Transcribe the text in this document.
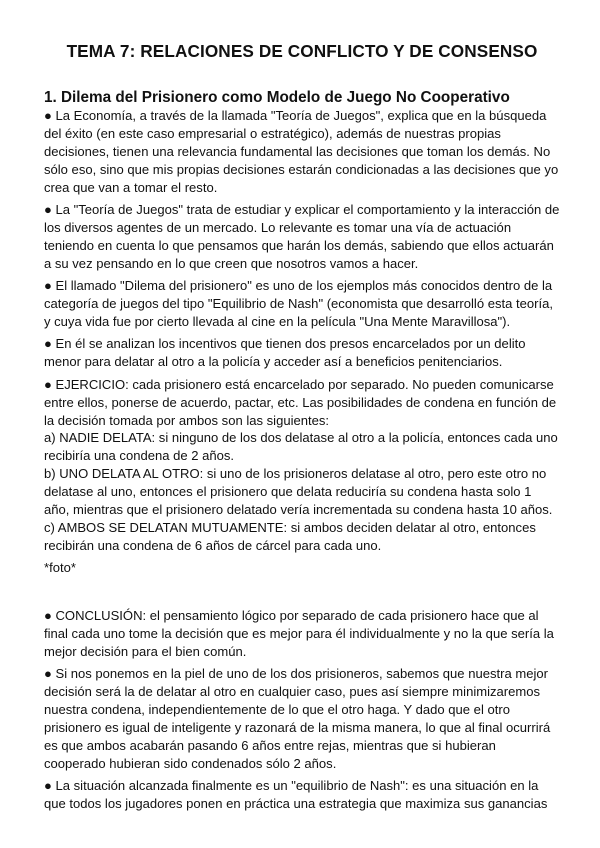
TEMA 7: RELACIONES DE CONFLICTO Y DE CONSENSO
1. Dilema del Prisionero como Modelo de Juego No Cooperativo

● La Economía, a través de la llamada "Teoría de Juegos", explica que en la búsqueda del éxito (en este caso empresarial o estratégico), además de nuestras propias decisiones, tienen una relevancia fundamental las decisiones que toman los demás. No sólo eso, sino que mis propias decisiones estarán condicionadas a las decisiones que yo crea que van a tomar el resto.

● La "Teoría de Juegos" trata de estudiar y explicar el comportamiento y la interacción de los diversos agentes de un mercado. Lo relevante es tomar una vía de actuación teniendo en cuenta lo que pensamos que harán los demás, sabiendo que ellos actuarán a su vez pensando en lo que creen que nosotros vamos a hacer.

● El llamado "Dilema del prisionero" es uno de los ejemplos más conocidos dentro de la categoría de juegos del tipo "Equilibrio de Nash" (economista que desarrolló esta teoría, y cuya vida fue por cierto llevada al cine en la película "Una Mente Maravillosa").

● En él se analizan los incentivos que tienen dos presos encarcelados por un delito menor para delatar al otro a la policía y acceder así a beneficios penitenciarios.

● EJERCICIO: cada prisionero está encarcelado por separado. No pueden comunicarse entre ellos, ponerse de acuerdo, pactar, etc. Las posibilidades de condena en función de la decisión tomada por ambos son las siguientes:

a) NADIE DELATA: si ninguno de los dos delatase al otro a la policía, entonces cada uno recibiría una condena de 2 años.

b) UNO DELATA AL OTRO: si uno de los prisioneros delatase al otro, pero este otro no delatase al uno, entonces el prisionero que delata reduciría su condena hasta solo 1 año, mientras que el prisionero delatado vería incrementada su condena hasta 10 años.

c) AMBOS SE DELATAN MUTUAMENTE: si ambos deciden delatar al otro, entonces recibirán una condena de 6 años de cárcel para cada uno.

*foto*

● CONCLUSIÓN: el pensamiento lógico por separado de cada prisionero hace que al final cada uno tome la decisión que es mejor para él individualmente y no la que sería la mejor decisión para el bien común.

● Si nos ponemos en la piel de uno de los dos prisioneros, sabemos que nuestra mejor decisión será la de delatar al otro en cualquier caso, pues así siempre minimizaremos nuestra condena, independientemente de lo que el otro haga. Y dado que el otro prisionero es igual de inteligente y razonará de la misma manera, lo que al final ocurrirá es que ambos acabarán pasando 6 años entre rejas, mientras que si hubieran cooperado hubieran sido condenados sólo 2 años.

● La situación alcanzada finalmente es un "equilibrio de Nash": es una situación en la que todos los jugadores ponen en práctica una estrategia que maximiza sus ganancias
